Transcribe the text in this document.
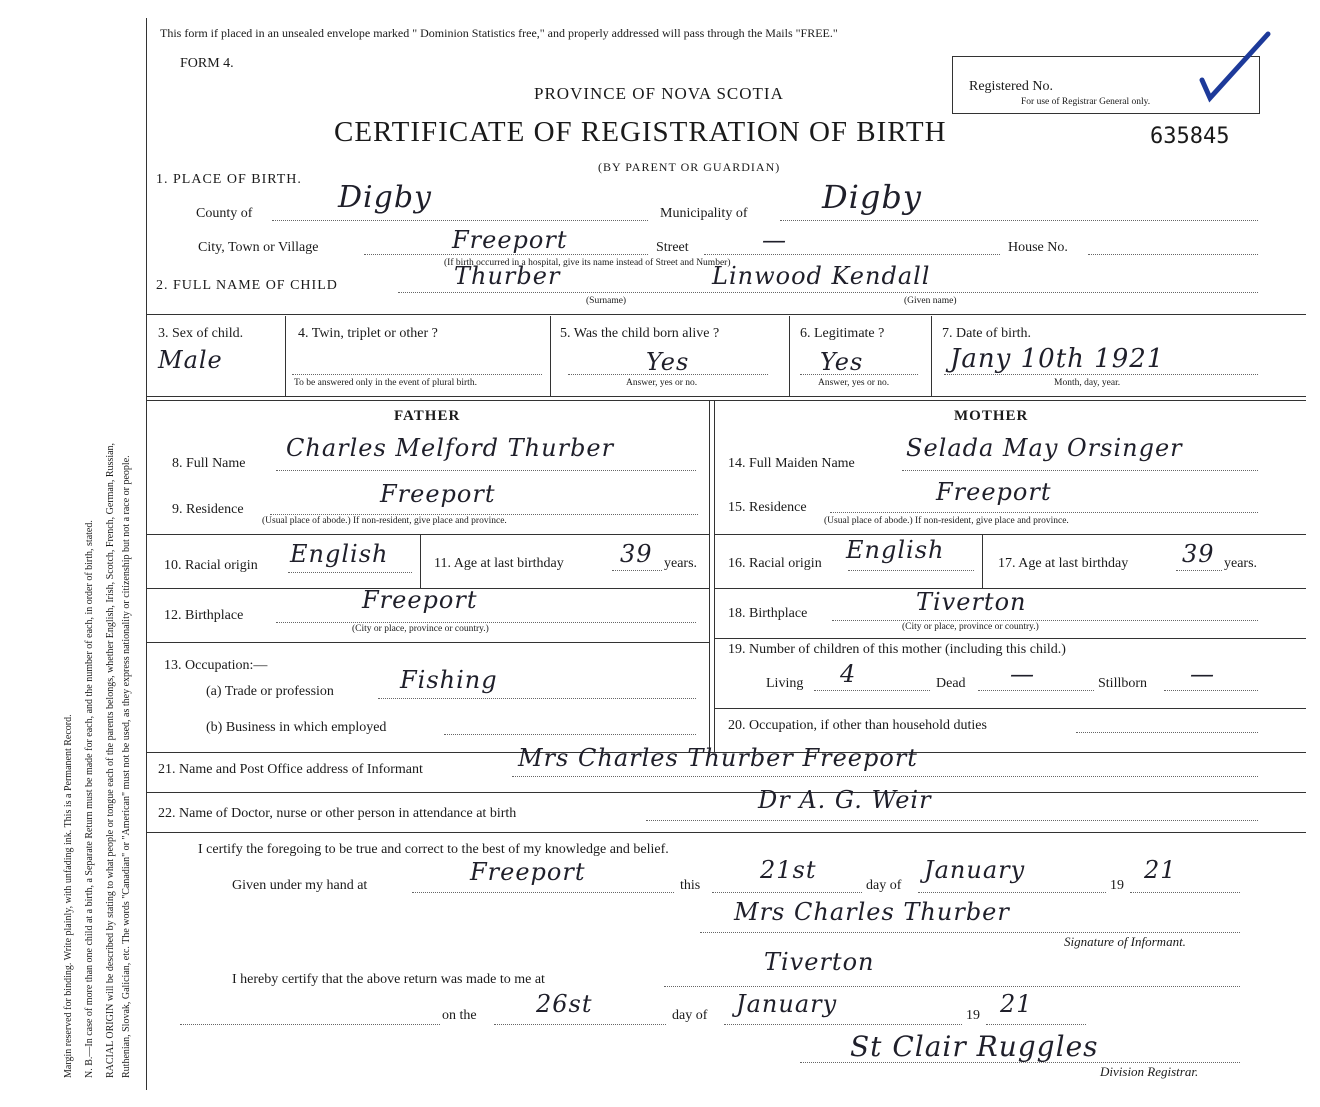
Margin reserved for binding. Write plainly, with unfading ink. This is a Permanent Record. N. B.—In case of more than one child at a birth, a Separate Return must be made for each, and the number of each, in order of birth, stated. RACIAL ORIGIN will be described by stating to what people or tongue each of the parents belongs, whether English, Irish, Scotch, French, German, Russian, Ruthenian, Slovak, Galician, etc. The words "Canadian" or "American" must not be used, as they express nationality or citizenship but not a race or people.
This form if placed in an unsealed envelope marked " Dominion Statistics free," and properly addressed will pass through the Mails "FREE."
FORM 4.
PROVINCE OF NOVA SCOTIA
CERTIFICATE OF REGISTRATION OF BIRTH
(BY PARENT OR GUARDIAN)
Registered No.
For use of Registrar General only.
635845
1. PLACE OF BIRTH.
County of	Digby	Municipality of Digby
City, Town or Village	Freeport	Street	—	House No.
(If birth occurred in a hospital, give its name instead of Street and Number)
2. FULL NAME OF CHILD	Thurber	Linwood Kendall
(Surname)	(Given name)
3. Sex of child.
Male
4. Twin, triplet or other ?
To be answered only in the event of plural birth.
5. Was the child born alive ?
Yes
Answer, yes or no.
6. Legitimate ?
Yes
Answer, yes or no.
7. Date of birth.
Jany 10th 1921
Month, day, year.
FATHER	MOTHER
8. Full Name
Charles Melford Thurber
9. Residence
Freeport
(Usual place of abode.) If non-resident, give place and province.
10. Racial origin English	11. Age at last birthday 39 years.
12. Birthplace
Freeport
(City or place, province or country.)
13. Occupation:—
(a) Trade or profession	Fishing
(b) Business in which employed
14. Full Maiden Name
Selada May Orsinger
15. Residence
Freeport
(Usual place of abode.) If non-resident, give place and province.
16. Racial origin English	17. Age at last birthday 39 years.
18. Birthplace	Tiverton
(City or place, province or country.)
19. Number of children of this mother (including this child.)
Living 4	Dead —	Stillborn —
20. Occupation, if other than household duties
21. Name and Post Office address of Informant	Mrs Charles Thurber Freeport
22. Name of Doctor, nurse or other person in attendance at birth	Dr A. G. Weir
I certify the foregoing to be true and correct to the best of my knowledge and belief.
Given under my hand at	Freeport	this
21st
day of
January
19
21
Mrs Charles Thurber
Signature of Informant.
I hereby certify that the above return was made to me at
Tiverton
on the 26st	day of January	19 21
St Clair Ruggles
Division Registrar.
